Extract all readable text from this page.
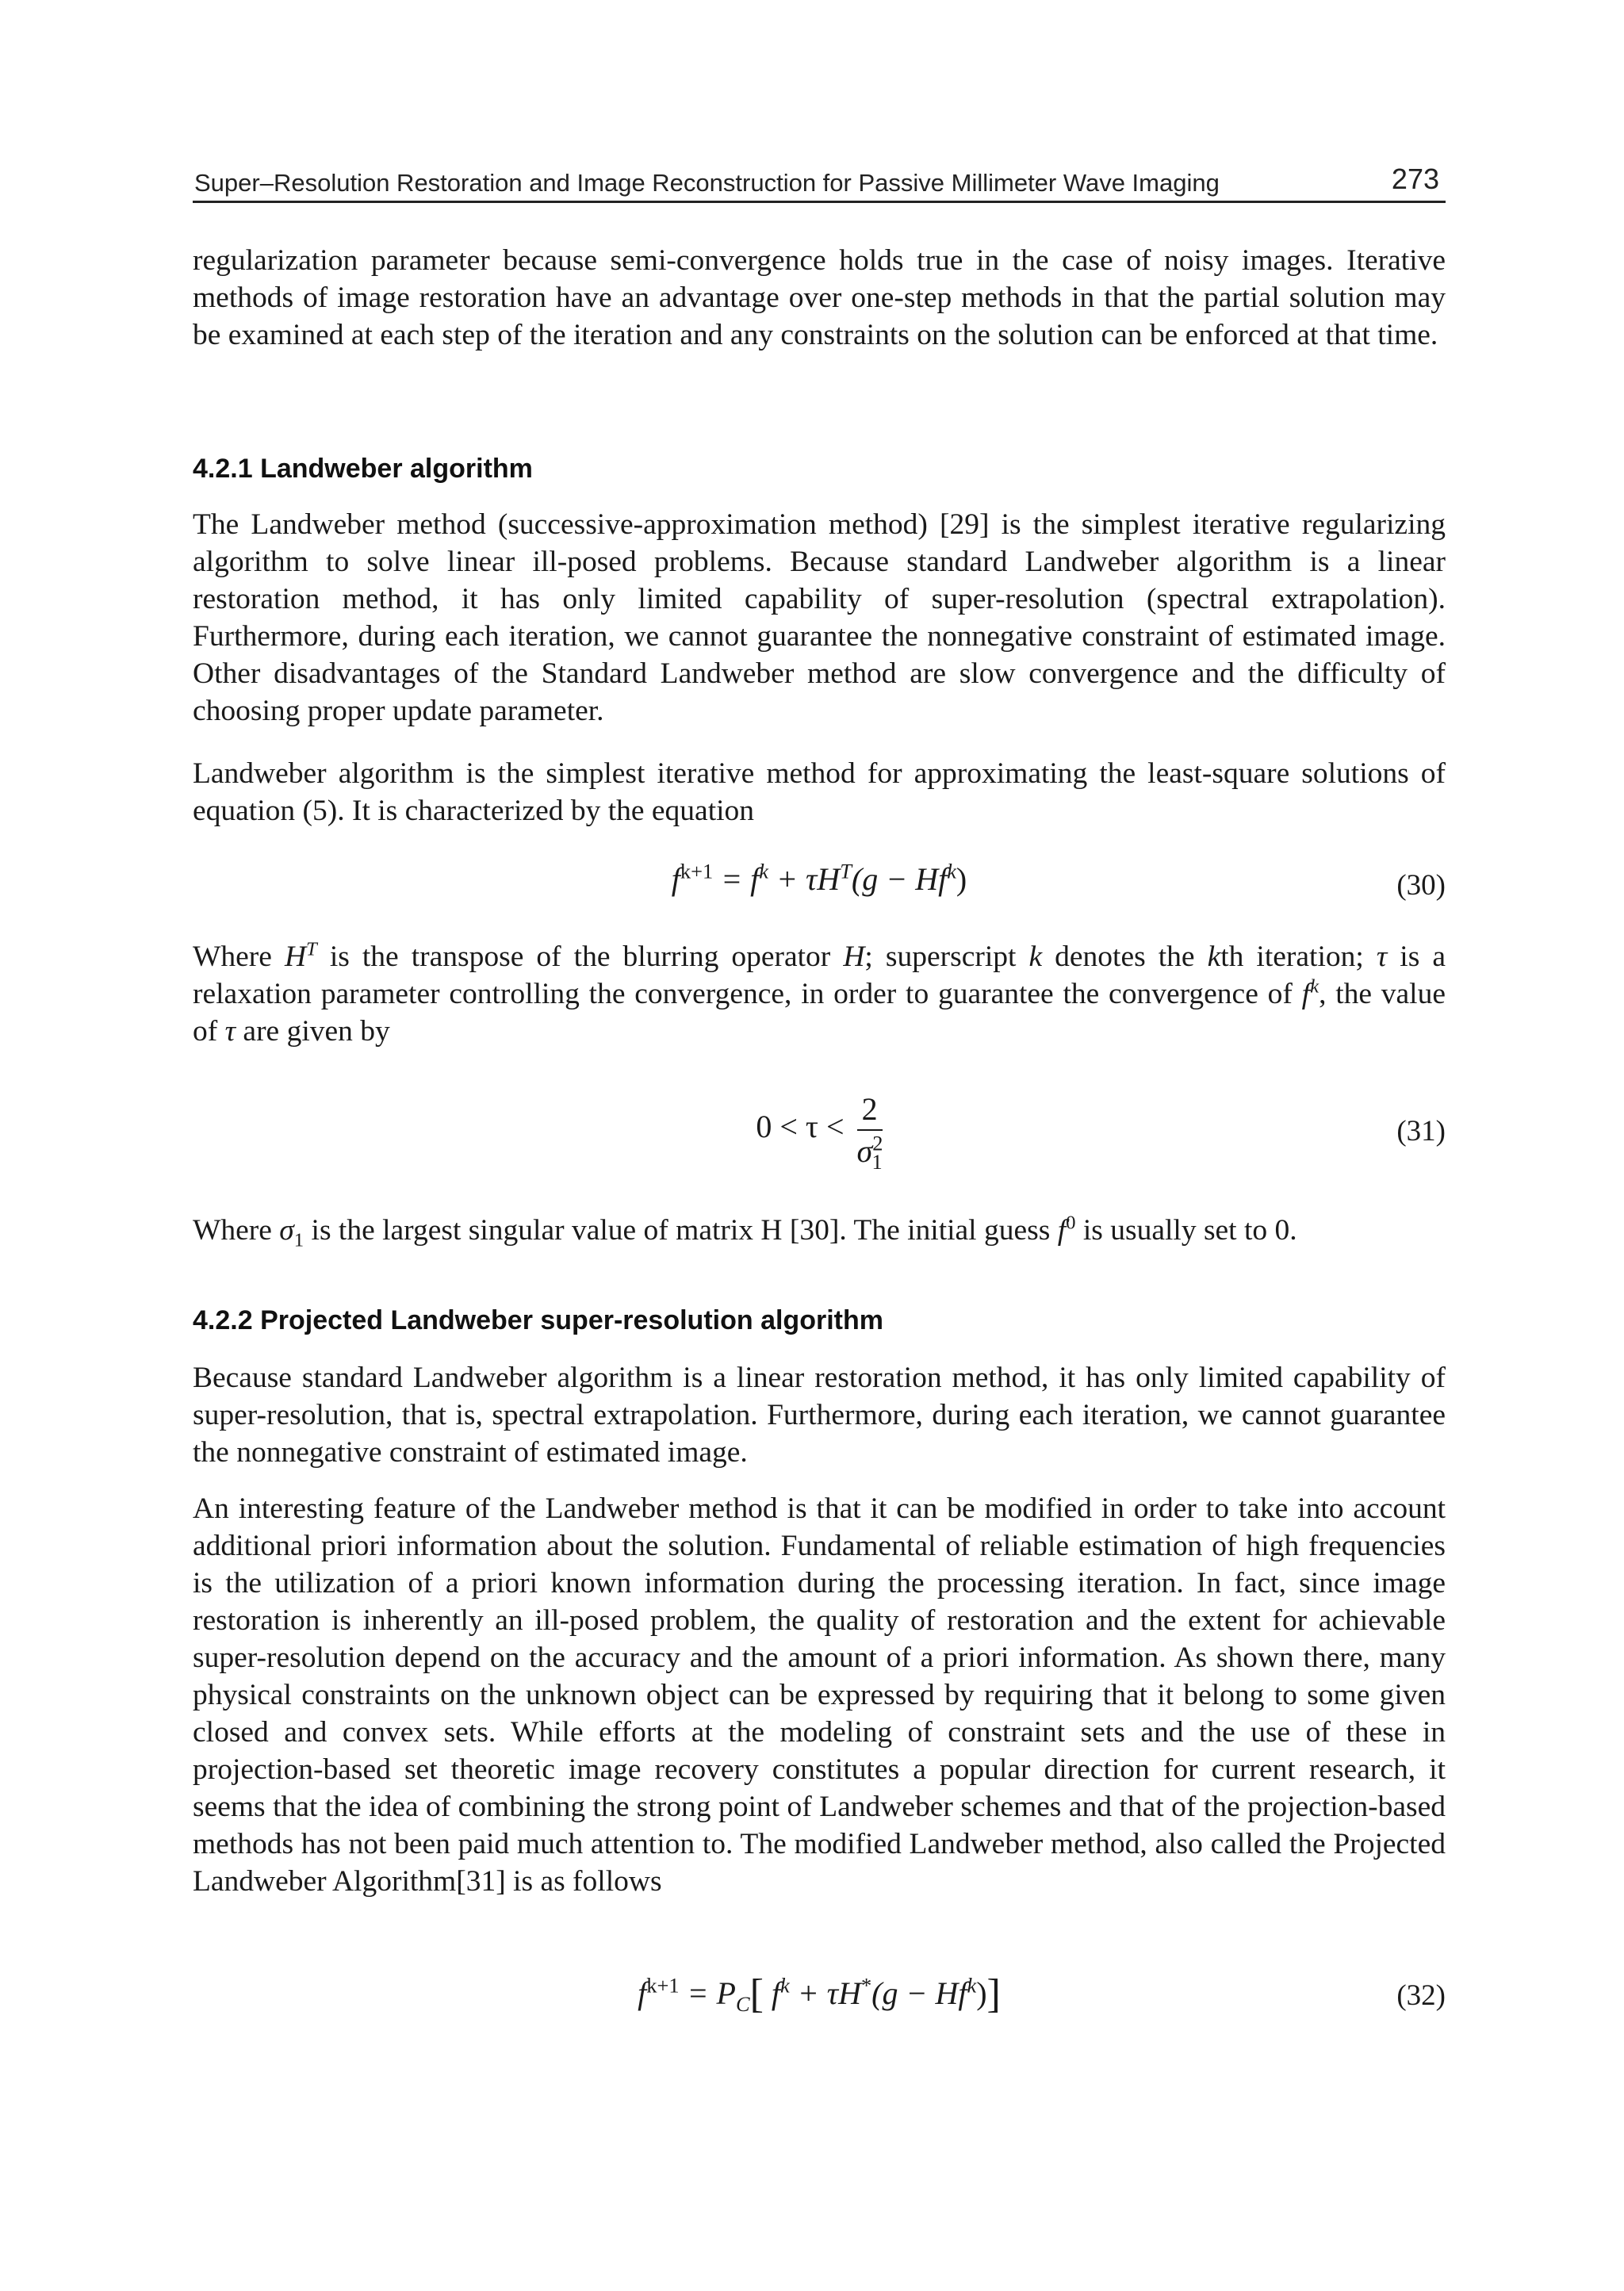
Super–Resolution Restoration and Image Reconstruction for Passive Millimeter Wave Imaging	273

regularization parameter because semi-convergence holds true in the case of noisy images. Iterative methods of image restoration have an advantage over one-step methods in that the partial solution may be examined at each step of the iteration and any constraints on the solution can be enforced at that time.

4.2.1 Landweber algorithm

The Landweber method (successive-approximation method) [29] is the simplest iterative regularizing algorithm to solve linear ill-posed problems. Because standard Landweber algorithm is a linear restoration method, it has only limited capability of super-resolution (spectral extrapolation). Furthermore, during each iteration, we cannot guarantee the nonnegative constraint of estimated image. Other disadvantages of the Standard Landweber method are slow convergence and the difficulty of choosing proper update parameter.

Landweber algorithm is the simplest iterative method for approximating the least-square solutions of equation (5). It is characterized by the equation

$f^{k+1} = f^k + \tau H^T(g - Hf^k)$	(30)

Where $H^T$ is the transpose of the blurring operator H; superscript k denotes the kth iteration; τ is a relaxation parameter controlling the convergence, in order to guarantee the convergence of $f^k$, the value of τ are given by

$0 < \tau < \frac{2}{\sigma^2_1}$	(31)

Where $\sigma_1$ is the largest singular value of matrix H [30]. The initial guess $f^0$ is usually set to 0.

4.2.2 Projected Landweber super-resolution algorithm

Because standard Landweber algorithm is a linear restoration method, it has only limited capability of super-resolution, that is, spectral extrapolation. Furthermore, during each iteration, we cannot guarantee the nonnegative constraint of estimated image.

An interesting feature of the Landweber method is that it can be modified in order to take into account additional priori information about the solution. Fundamental of reliable estimation of high frequencies is the utilization of a priori known information during the processing iteration. In fact, since image restoration is inherently an ill-posed problem, the quality of restoration and the extent for achievable super-resolution depend on the accuracy and the amount of a priori information. As shown there, many physical constraints on the unknown object can be expressed by requiring that it belong to some given closed and convex sets. While efforts at the modeling of constraint sets and the use of these in projection-based set theoretic image recovery constitutes a popular direction for current research, it seems that the idea of combining the strong point of Landweber schemes and that of the projection-based methods has not been paid much attention to. The modified Landweber method, also called the Projected Landweber Algorithm[31] is as follows

$f^{k+1} = P_C$[ $f^k + \tau H^*(g - Hf^k)$]	(32)
